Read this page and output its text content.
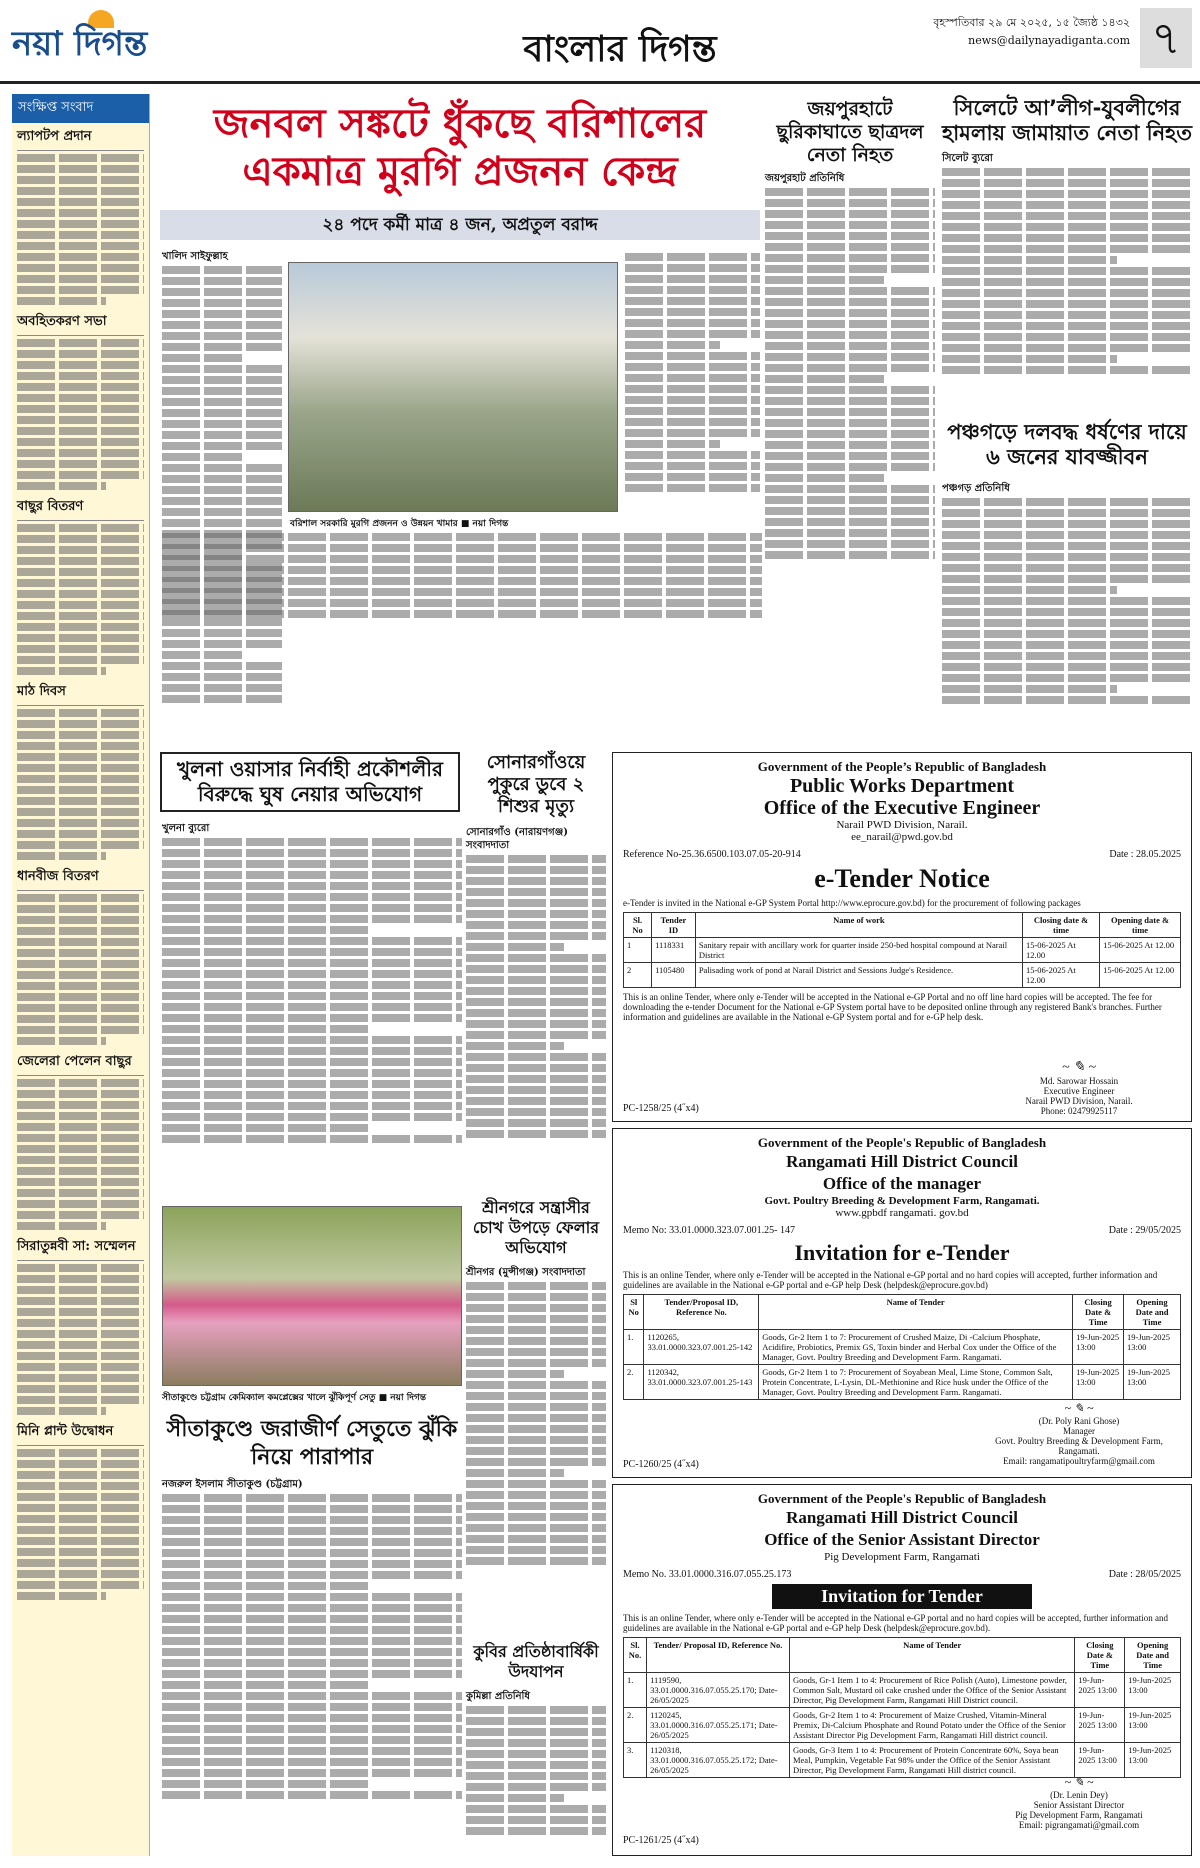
নয়া দিগন্ত	বাংলার দিগন্ত
বৃহস্পতিবার ২৯ মে ২০২৫, ১৫ জ্যৈষ্ঠ ১৪৩২
news@dailynayadiganta.com ৭
সংক্ষিপ্ত সংবাদ
ল্যাপটপ প্রদান
অবহিতকরণ সভা
বাছুর বিতরণ
মাঠ দিবস
ধানবীজ বিতরণ
জেলেরা পেলেন বাছুর
সিরাতুন্নবী সা: সম্মেলন
মিনি প্লান্ট উদ্বোধন
জনবল সঙ্কটে ধুঁকছে বরিশালের একমাত্র মুরগি প্রজনন কেন্দ্র
২৪ পদে কর্মী মাত্র ৪ জন, অপ্রতুল বরাদ্দ
খালিদ সাইফুল্লাহ
বরিশাল সরকারি মুরগি প্রজনন ও উন্নয়ন খামার ■ নয়া দিগন্ত
জয়পুরহাটে ছুরিকাঘাতে ছাত্রদল নেতা নিহত
জয়পুরহাট প্রতিনিধি
সিলেটে আ’লীগ-যুবলীগের হামলায় জামায়াত নেতা নিহত
সিলেট ব্যুরো
পঞ্চগড়ে দলবদ্ধ ধর্ষণের দায়ে ৬ জনের যাবজ্জীবন
পঞ্চগড় প্রতিনিধি
খুলনা ওয়াসার নির্বাহী প্রকৌশলীর বিরুদ্ধে ঘুষ নেয়ার অভিযোগ
খুলনা ব্যুরো
সীতাকুণ্ডে চট্টগ্রাম কেমিক্যাল কমপ্লেক্সের খালে ঝুঁকিপূর্ণ সেতু ■ নয়া দিগন্ত
সীতাকুণ্ডে জরাজীর্ণ সেতুতে ঝুঁকি নিয়ে পারাপার
নজরুল ইসলাম সীতাকুণ্ড (চট্টগ্রাম)
সোনারগাঁওয়ে পুকুরে ডুবে ২ শিশুর মৃত্যু
সোনারগাঁও (নারায়ণগঞ্জ) সংবাদদাতা
শ্রীনগরে সন্ত্রাসীর চোখ উপড়ে ফেলার অভিযোগ
শ্রীনগর (মুন্সীগঞ্জ) সংবাদদাতা
কুবির প্রতিষ্ঠাবার্ষিকী উদযাপন
কুমিল্লা প্রতিনিধি
Government of the People’s Republic of Bangladesh
Public Works Department
Office of the Executive Engineer
Narail PWD Division, Narail.
ee_narail@pwd.gov.bd
Reference No-25.36.6500.103.07.05-20-914	Date : 28.05.2025
e-Tender Notice
e-Tender is invited in the National e-GP System Portal http://www.eprocure.gov.bd) for the procurement of following packages
Sl. No	Tender ID	Name of work	Closing date & time	Opening date & time
1	1118331	Sanitary repair with ancillary work for quarter inside 250-bed hospital compound at Narail District	15-06-2025 At 12.00	15-06-2025 At 12.00
2	1105480	Palisading work of pond at Narail District and Sessions Judge's Residence.	15-06-2025 At 12.00	15-06-2025 At 12.00
This is an online Tender, where only e-Tender will be accepted in the National e-GP Portal and no off line hard copies will be accepted. The fee for downloading the e-tender Document for the National e-GP System portal have to be deposited online through any registered Bank's branches. Further information and guidelines are available in the National e-GP System portal and for e-GP help desk.
~ ✎ ~
Md. Sarowar Hossain
Executive Engineer
Narail PWD Division, Narail.
Phone: 02479925117
PC-1258/25 (4˝x4)
Government of the People's Republic of Bangladesh
Rangamati Hill District Council
Office of the manager
Govt. Poultry Breeding & Development Farm, Rangamati.
www.gpbdf rangamati. gov.bd
Memo No: 33.01.0000.323.07.001.25- 147	Date : 29/05/2025
Invitation for e-Tender
This is an online Tender, where only e-Tender will be accepted in the National e-GP portal and no hard copies will accepted, further information and guidelines are available in the National e-GP portal and e-GP help Desk (helpdesk@eprocure.gov.bd)
Sl No	Tender/Proposal ID, Reference No.	Name of Tender	Closing Date & Time	Opening Date and Time
1.	1120265, 33.01.0000.323.07.001.25-142	Goods, Gr-2 Item 1 to 7: Procurement of Crushed Maize, Di -Calcium Phosphate, Acidifire, Probiotics, Premix GS, Toxin binder and Herbal Cox under the Office of the Manager, Govt. Poultry Breeding and Development Farm. Rangamati.	19-Jun-2025 13:00	19-Jun-2025 13:00
2.	1120342, 33.01.0000.323.07.001.25-143	Goods, Gr-2 Item 1 to 7: Procurement of Soyabean Meal, Lime Stone, Common Salt, Protein Concentrate, L-Lysin, DL-Methionine and Rice husk under the Office of the Manager, Govt. Poultry Breeding and Development Farm. Rangamati.	19-Jun-2025 13:00	19-Jun-2025 13:00
~ ✎ ~
(Dr. Poly Rani Ghose)
Manager
Govt. Poultry Breeding & Development Farm, Rangamati.
Email: rangamatipoultryfarm@gmail.com
PC-1260/25 (4˝x4)
Government of the People's Republic of Bangladesh
Rangamati Hill District Council
Office of the Senior Assistant Director
Pig Development Farm, Rangamati
Memo No. 33.01.0000.316.07.055.25.173	Date : 28/05/2025
Invitation for Tender
This is an online Tender, where only e-Tender will be accepted in the National e-GP portal and no hard copies will be accepted, further information and guidelines are available in the National e-GP portal and e-GP help Desk (helpdesk@eprocure.gov.bd).
Sl. No.	Tender/ Proposal ID, Reference No.	Name of Tender	Closing Date & Time	Opening Date and Time
1.	1119590, 33.01.0000.316.07.055.25.170; Date-26/05/2025	Goods, Gr-1 Item 1 to 4: Procurement of Rice Polish (Auto), Limestone powder, Common Salt, Mustard oil cake crushed under the Office of the Senior Assistant Director, Pig Development Farm, Rangamati Hill District council.	19-Jun-2025 13:00	19-Jun-2025 13:00
2.	1120245, 33.01.0000.316.07.055.25.171; Date-26/05/2025	Goods, Gr-2 Item 1 to 4: Procurement of Maize Crushed, Vitamin-Mineral Premix, Di-Calcium Phosphate and Round Potato under the Office of the Senior Assistant Director Pig Development Farm, Rangamati Hill district council.	19-Jun-2025 13:00	19-Jun-2025 13:00
3.	1120318, 33.01.0000.316.07.055.25.172; Date-26/05/2025	Goods, Gr-3 Item 1 to 4: Procurement of Protein Concentrate 60%, Soya bean Meal, Pumpkin, Vegetable Fat 98% under the Office of the Senior Assistant Director, Pig Development Farm, Rangamati Hill district council.	19-Jun-2025 13:00	19-Jun-2025 13:00
~ ✎ ~
(Dr. Lenin Dey)
Senior Assistant Director
Pig Development Farm, Rangamati
Email: pigrangamati@gmail.com
PC-1261/25 (4˝x4)
